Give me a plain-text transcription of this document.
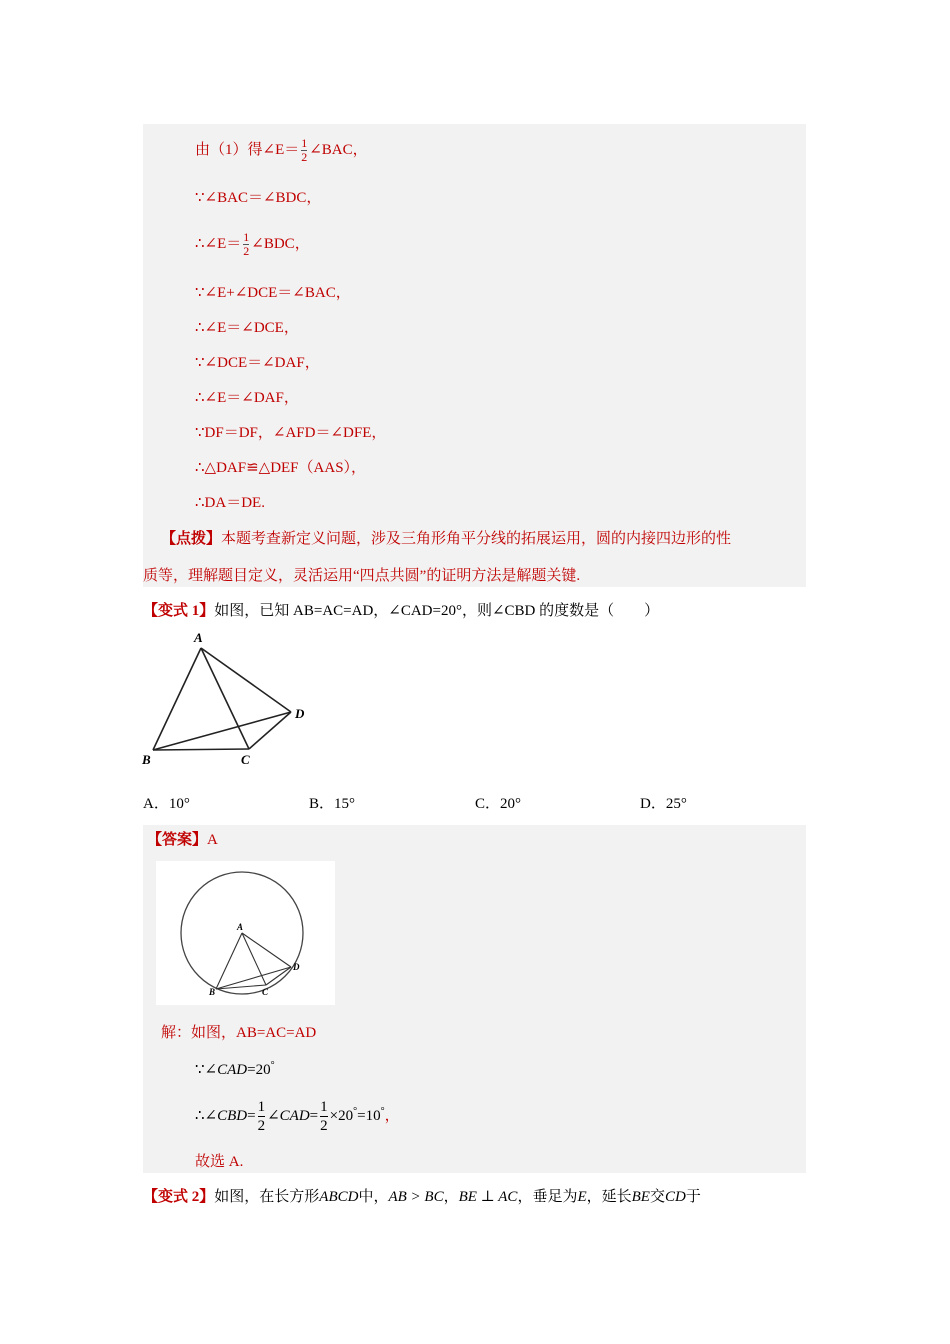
由（1）得∠E＝ $\frac{1}{2}$ ∠BAC，
∵∠BAC＝∠BDC，
∴∠E＝ $\frac{1}{2}$ ∠BDC，
∵∠E+∠DCE＝∠BAC，
∴∠E＝∠DCE，
∵∠DCE＝∠DAF，
∴∠E＝∠DAF，
∵DF＝DF，∠AFD＝∠DFE，
∴△DAF≌△DEF（AAS），
∴DA＝DE.
【点拨】本题考查新定义问题，涉及三角形角平分线的拓展运用，圆的内接四边形的性
质等，理解题目定义，灵活运用“四点共圆”的证明方法是解题关键.
【变式 1】如图，已知 AB=AC=AD，∠CAD=20°，则∠CBD 的度数是（　　）
A
B	C
D
A．10°	B．15°	C．20°	D．25°
【答案】A
A
B	C
D
解：如图，AB=AC=AD
∵∠CAD=20°
∴∠CBD= $\frac{1}{2}$ ∠CAD= $\frac{1}{2} \times 20^\circ=10^\circ$，
故选 A.
【变式 2】如图，在长方形ABCD中，AB > BC，BE ⊥ AC，垂足为E，延长BE交CD于
